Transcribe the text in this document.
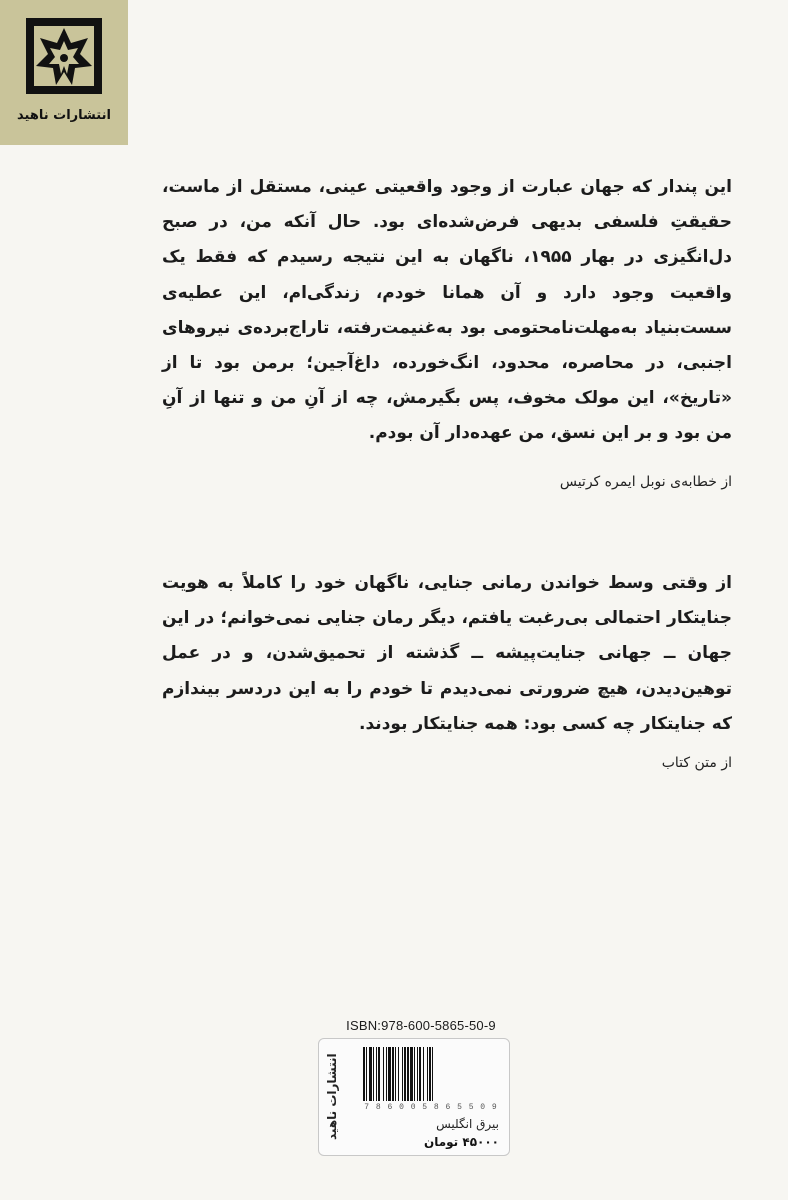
انتشارات ناهید
این پندار که جهان عبارت از وجود واقعیتی عینی، مستقل از ماست، حقیقتِ فلسفی بدیهی فرض‌شده‌ای بود. حال آنکه من، در صبح دل‌انگیزی در بهار ۱۹۵۵، ناگهان به این نتیجه رسیدم که فقط یک واقعیت وجود دارد و آن همانا خودم، زندگی‌ام، این عطیه‌ی سست‌بنیاد به‌مهلت‌نامحتومی بود به‌غنیمت‌رفته، تاراج‌برده‌ی نیروهای اجنبی، در محاصره، محدود، انگ‌خورده، داغ‌آجین؛ برمن بود تا از «تاریخ»، این مولک مخوف، پس بگیرمش، چه از آنِ من و تنها از آنِ من بود و بر این نسق، من عهده‌دار آن بودم.
از خطابه‌ی نوبل ایمره کرتیس
از وقتی وسط خواندن رمانی جنایی، ناگهان خود را کاملاً به هویت جنایتکار احتمالی بی‌رغبت یافتم، دیگر رمان جنایی نمی‌خوانم؛ در این جهان ــ جهانی جنایت‌پیشه ــ گذشته از تحمیق‌شدن، و در عمل توهین‌دیدن، هیچ ضرورتی نمی‌دیدم تا خودم را به این دردسر بیندازم که جنایتکار چه کسی بود: همه جنایتکار بودند.
از متن کتاب
ISBN:978-600-5865-50-9
انتشارات ناهید	7 8 6 0 0 5 8 6 5 5 0 9
بیرق انگلیس
۴۵۰۰۰ تومان
